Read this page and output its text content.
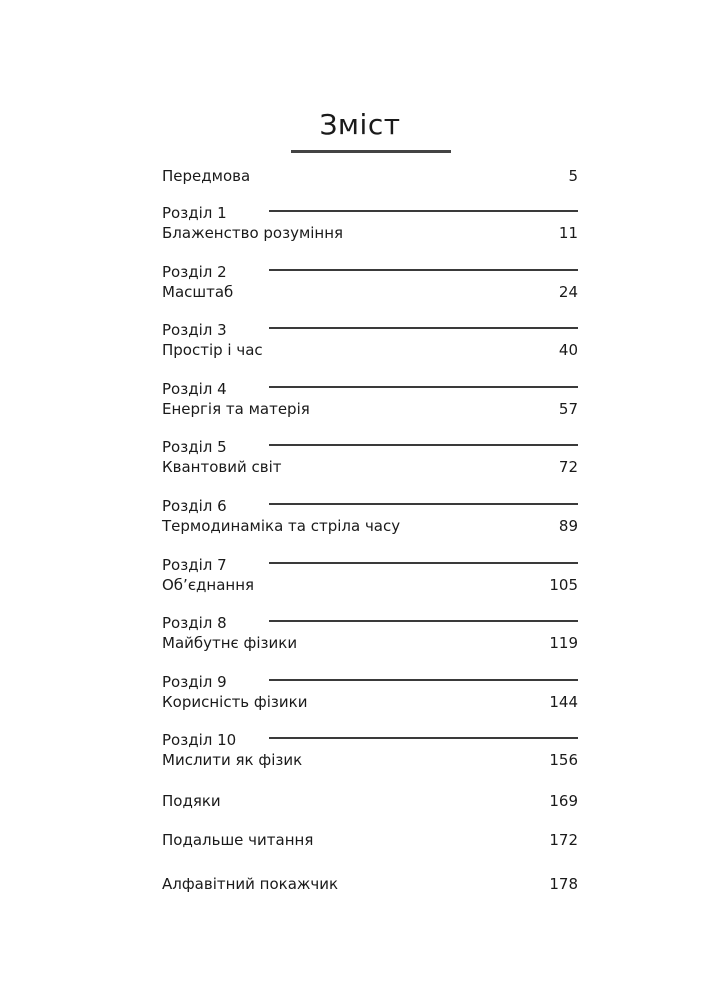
Зміст
Передмова	5
Розділ 1
Блаженство розуміння	11
Розділ 2
Масштаб	24
Розділ 3
Простір і час	40
Розділ 4
Енергія та матерія	57
Розділ 5
Квантовий світ	72
Розділ 6
Термодинаміка та стріла часу	89
Розділ 7
Об’єднання	105
Розділ 8
Майбутнє фізики	119
Розділ 9
Корисність фізики	144
Розділ 10
Мислити як фізик	156
Подяки	169
Подальше читання	172
Алфавітний покажчик	178
